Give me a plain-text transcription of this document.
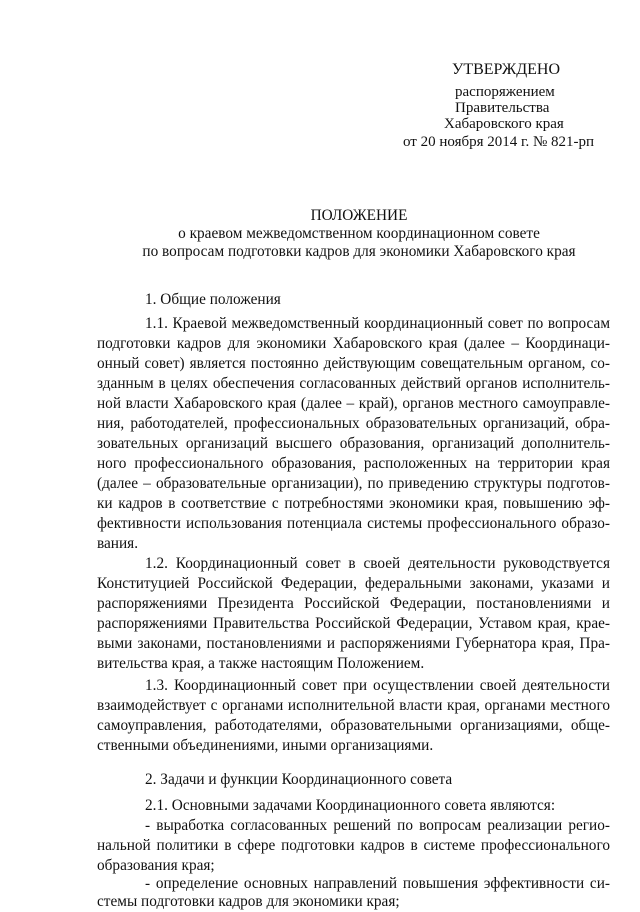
УТВЕРЖДЕНО
распоряжением
Правительства
Хабаровского края
от 20 ноября 2014 г. № 821-рп
ПОЛОЖЕНИЕ
о краевом межведомственном координационном совете
по вопросам подготовки кадров для экономики Хабаровского края
1. Общие положения
1.1. Краевой межведомственный координационный совет по вопросам
подготовки кадров для экономики Хабаровского края (далее – Координаци-
онный совет) является постоянно действующим совещательным органом, со-
зданным в целях обеспечения согласованных действий органов исполнитель-
ной власти Хабаровского края (далее – край), органов местного самоуправле-
ния, работодателей, профессиональных образовательных организаций, обра-
зовательных организаций высшего образования, организаций дополнитель-
ного профессионального образования, расположенных на территории края
(далее – образовательные организации), по приведению структуры подготов-
ки кадров в соответствие с потребностями экономики края, повышению эф-
фективности использования потенциала системы профессионального образо-
вания.
1.2. Координационный совет в своей деятельности руководствуется
Конституцией Российской Федерации, федеральными законами, указами и
распоряжениями Президента Российской Федерации, постановлениями и
распоряжениями Правительства Российской Федерации, Уставом края, крае-
выми законами, постановлениями и распоряжениями Губернатора края, Пра-
вительства края, а также настоящим Положением.
1.3. Координационный совет при осуществлении своей деятельности
взаимодействует с органами исполнительной власти края, органами местного
самоуправления, работодателями, образовательными организациями, обще-
ственными объединениями, иными организациями.
2. Задачи и функции Координационного совета
2.1. Основными задачами Координационного совета являются:
- выработка согласованных решений по вопросам реализации регио-
нальной политики в сфере подготовки кадров в системе профессионального
образования края;
- определение основных направлений повышения эффективности си-
стемы подготовки кадров для экономики края;
